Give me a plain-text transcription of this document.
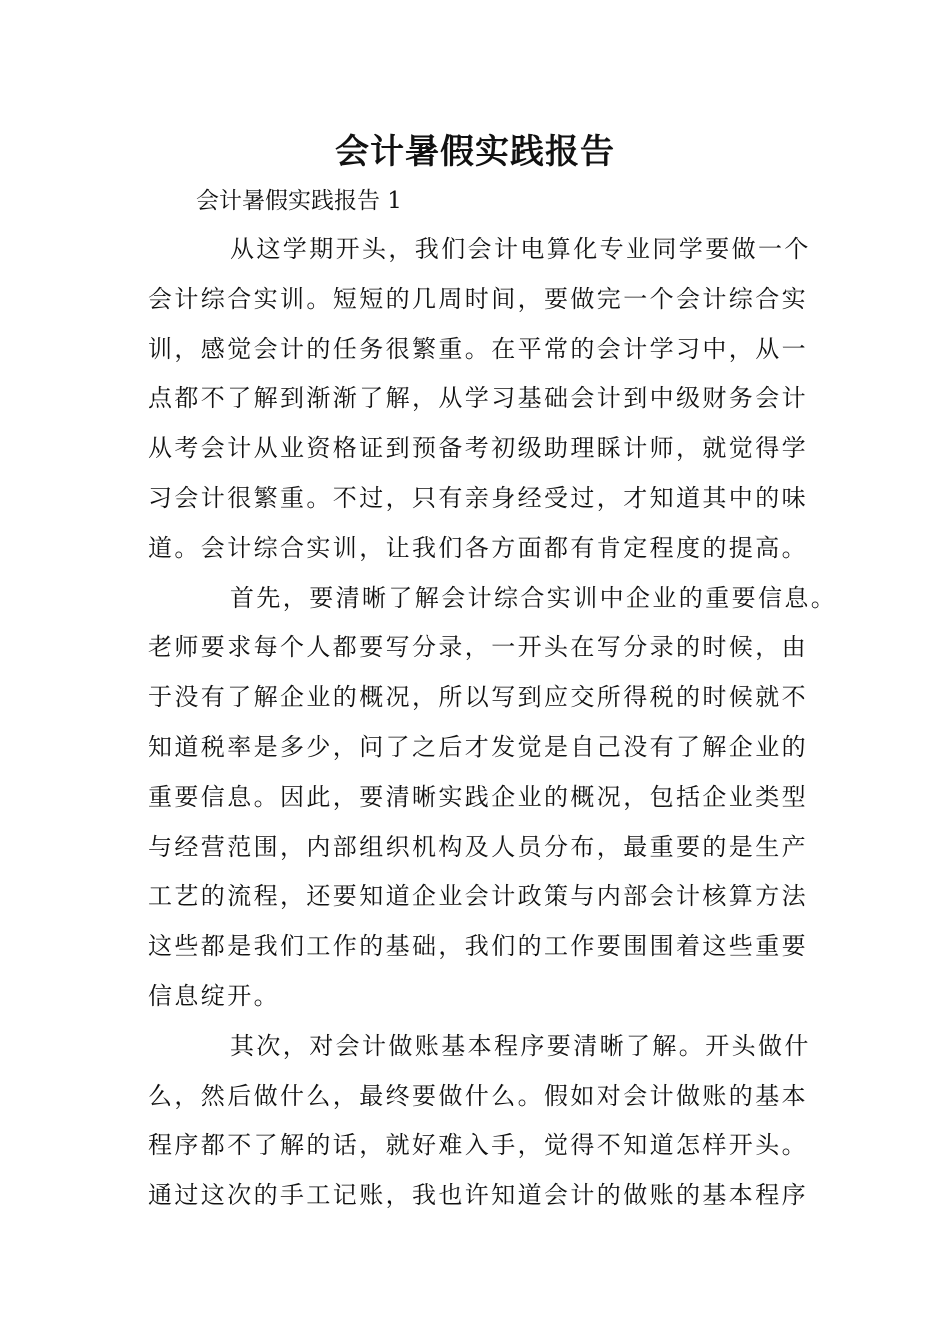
会计暑假实践报告

会计暑假实践报告 1

从这学期开头，我们会计电算化专业同学要做一个
会计综合实训。短短的几周时间，要做完一个会计综合实
训，感觉会计的任务很繁重。在平常的会计学习中，从一
点都不了解到渐渐了解，从学习基础会计到中级财务会计
从考会计从业资格证到预备考初级助理睬计师，就觉得学
习会计很繁重。不过，只有亲身经受过，才知道其中的味
道。会计综合实训，让我们各方面都有肯定程度的提高。

首先，要清晰了解会计综合实训中企业的重要信息。
老师要求每个人都要写分录，一开头在写分录的时候，由
于没有了解企业的概况，所以写到应交所得税的时候就不
知道税率是多少，问了之后才发觉是自己没有了解企业的
重要信息。因此，要清晰实践企业的概况，包括企业类型
与经营范围，内部组织机构及人员分布，最重要的是生产
工艺的流程，还要知道企业会计政策与内部会计核算方法
这些都是我们工作的基础，我们的工作要围围着这些重要
信息绽开。

其次，对会计做账基本程序要清晰了解。开头做什
么，然后做什么，最终要做什么。假如对会计做账的基本
程序都不了解的话，就好难入手，觉得不知道怎样开头。
通过这次的手工记账，我也许知道会计的做账的基本程序
